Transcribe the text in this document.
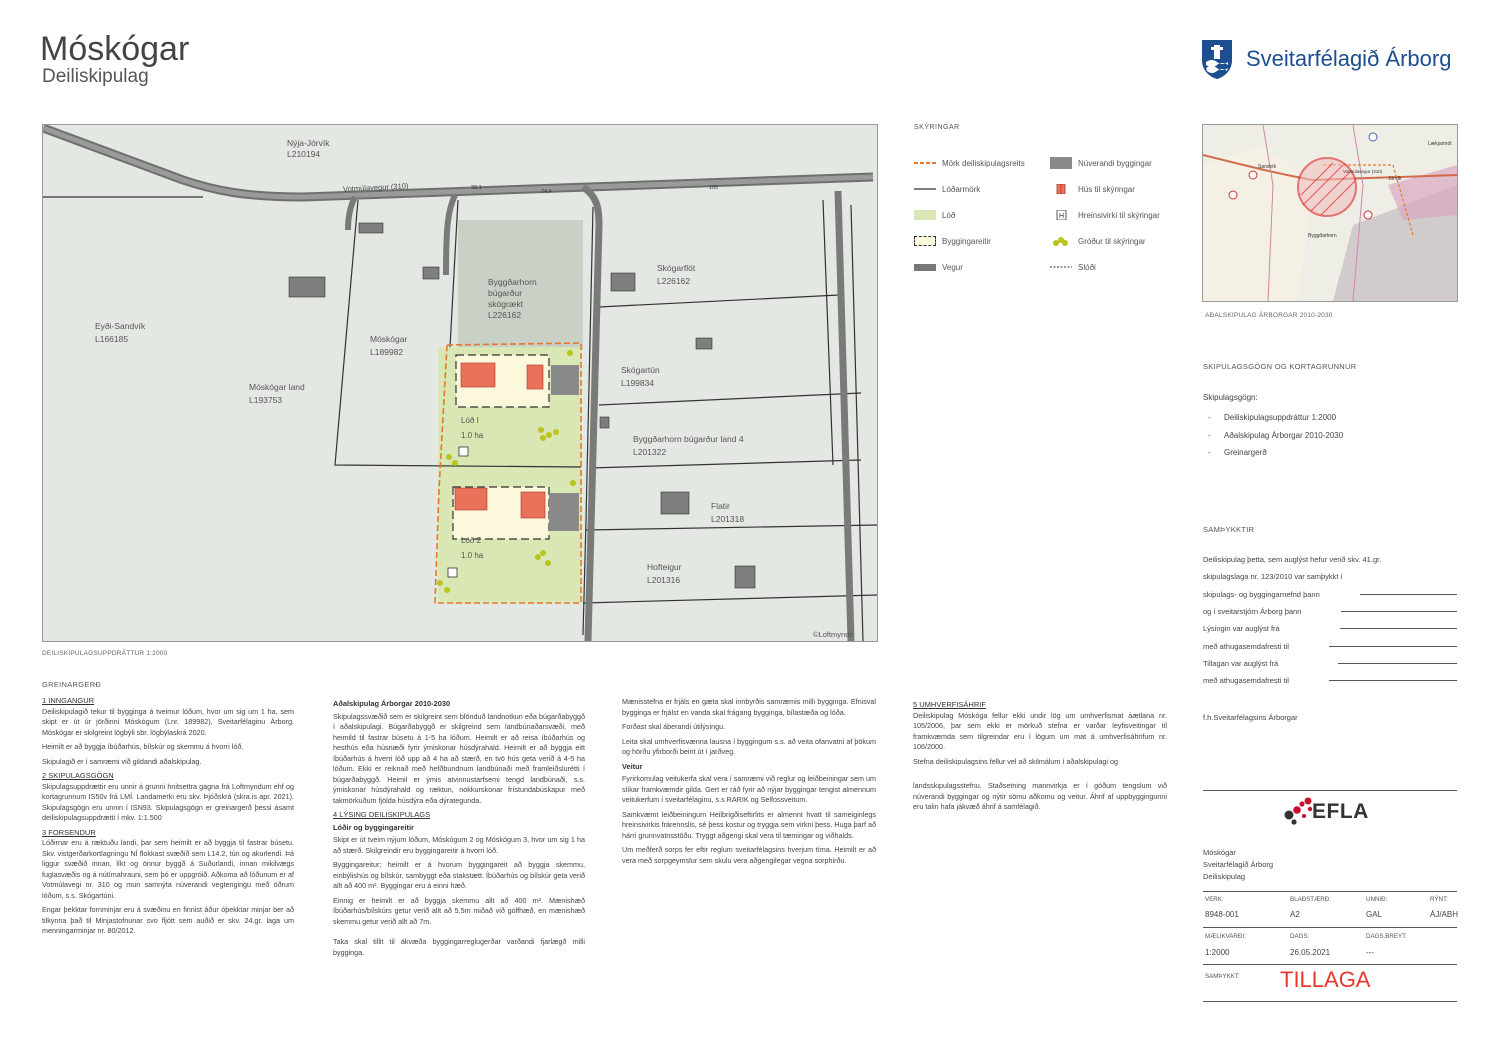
Móskógar
Deiliskipulag
Sveitarfélagið Árborg
Nýja-Jórvík
L210194
Votmúlavegur (310)	39,1
74,4
105
Eyði-Sandvík
L166185	Móskógar
L189982
Móskógar land
L193753
Byggðarhorn
búgarður
skógrækt
L226162
Skógarflöt
L226162
Skógartún
L199834
Byggðarhorn búgarður land 4
L201322
Flatir
L201318
Hofteigur
L201316
Lóð I
1.0 ha
Lóð 2
1.0 ha
©Loftmyndir
DEILISKIPULAGSUPPDRÁTTUR 1:2000
SKÝRINGAR
Mörk deiliskipulagsreits
Lóðarmörk
Lóð
Byggingareitir
Vegur
Núverandi byggingar
Hús til skýringar
H Hreinsivirki til skýringar
Gróður til skýringar
Slóði
Sandvík
Jórvík
Lækjarmót
Votmúlavegur (310)
Byggðarhorn
AÐALSKIPULAG ÁRBORGAR 2010-2030
SKIPULAGSGÖGN OG KORTAGRUNNUR
Skipulagsgögn:
-      Deiliskipulagsuppdráttur 1:2000
-      Aðalskipulag Árborgar 2010-2030
-      Greinargerð
SAMÞYKKTIR
Deiliskipulag þetta, sem auglýst hefur verið skv. 41.gr.
skipulagslaga nr. 123/2010 var samþykkt í
skipulags- og byggingarnefnd þann
og í sveitarstjórn Árborg þann
Lýsingin var auglýst frá
með athugasemdafresti til
Tillagan var auglýst frá
með athugasemdafresti til
f.h.Sveitarfélagsins Árborgar
EFLA
Móskógar
Sveitarfélagið Árborg
Deiliskipulag
VERK:	BLAÐSTÆRÐ:	UNNIÐ:	RÝNT:
8948-001	A2	GAL	ÁJ/ABH
MÆLIKVARÐI:	DAGS:	DAGS.BREYT:
1:2000	26.05.2021	---
SAMÞYKKT: TILLAGA
GREINARGERÐ
1 INNGANGUR

Deiliskipulagið tekur til bygginga á tveimur lóðum, hvor um sig um 1 ha, sem skipt er út úr jörðinni Móskógum (Lnr. 189982), Sveitarfélaginu Árborg. Móskógar er skilgreint lögbýli sbr. lögbýlaskrá 2020.

Heimilt er að byggja íbúðarhús, bílskúr og skemmu á hvorri lóð.

Skipulagið er í samræmi við gildandi aðalskipulag.

2 SKIPULAGSGÖGN

Skipulagsuppdrættir eru unnir á grunni hnitsettra gagna frá Loftmyndum ehf og kortagrunnum IS50v frá LMÍ. Landamerki eru skv. Þjóðskrá (skra.is apr. 2021). Skipulagsgögn eru unnin í ISN93. Skipulagsgögn er greinargerð þessi ásamt deiliskipulagsuppdrætti í mkv. 1:1.500

3 FORSENDUR

Lóðirnar eru á ræktuðu landi, þar sem heimilt er að byggja til fastrar búsetu. Skv. vistgerðarkortlagningu NÍ flokkast svæðið sem L14.2, tún og akurlendi. Þá liggur svæðið innan, líkt og önnur byggð á Suðurlandi, innan mikilvægs fuglasvæðis og á nútímahrauni, sem þó er uppgróið. Aðkoma að lóðunum er af Votmúlavegi nr. 310 og mun samnýta núverandi vegtengingu með öðrum lóðum, s.s. Skógartúni.

Engar þekktar fornminjar eru á svæðinu en finnist áður óþekktar minjar ber að tilkynna það til Minjastofnunar svo fljótt sem auðið er skv. 24.gr. laga um menningarminjar nr. 80/2012.

Aðalskipulag Árborgar 2010-2030

Skipulagssvæðið sem er skilgreint sem blönduð landnotkun eða búgarðabyggð í aðalskipulagi. Búgarðabyggð er skilgreind sem landbúnaðarsvæði, með heimild til fastrar búsetu á 1-5 ha lóðum. Heimilt er að reisa íbúðarhús og hesthús eða húsnæði fyrir ýmiskonar húsdýrahald. Heimilt er að byggja eitt íbúðarhús á hverri lóð upp að 4 ha að stærð, en tvö hús geta verið á 4-5 ha lóðum. Ekki er reiknað með hefðbundnum landbúnaði með framleiðslurétti í búgarðabyggð. Heimil er ýmis atvinnustarfsemi tengd landbúnaði, s.s. ýmiskonar húsdýrahald og ræktun, nokkurskonar frístundabúskapur með takmörkuðum fjölda húsdýra eða dýrategunda.

4 LÝSING DEILISKIPULAGS
Lóðir og byggingareitir

Skipt er út tveim nýjum lóðum, Móskógum 2 og Móskógum 3, hvor um sig 1 ha að stærð. Skilgreindir eru byggingareitir á hvorri lóð.

Byggingareitur; heimilt er á hvorum byggingareit að byggja skemmu, einbýlishús og bílskúr, sambyggt eða stakstætt. Íbúðarhús og bílskúr geta verið allt að 400 m². Byggingar eru á einni hæð.

Einnig er heimilt er að byggja skemmu allt að 400 m². Mænishæð íbúðarhús/bílskúrs getur verið allt að 5,5m miðað við gólfhæð, en mænishæð skemmu getur verið allt að 7m.

Taka skal tillit til ákvæða byggingarreglugerðar varðandi fjarlægð milli bygginga.

Mænisstefna er frjáls en gæta skal innbyrðis samræmis milli bygginga. Efnisval bygginga er frjálst en vanda skal frágang bygginga, bílastæða og lóða.

Forðast skal áberandi útilýsingu.

Leita skal umhverfisvænna lausna í byggingum s.s. að veita ofanvatni af þökum og hörðu yfirborði beint út í jarðveg.

Veitur

Fyrirkomulag veitukerfa skal vera í samræmi við reglur og leiðbeiningar sem um slíkar framkvæmdir gilda. Gert er ráð fyrir að nýjar byggingar tengist almennum veitukerfum í sveitarfélaginu, s.s RARIK og Selfossveitum.

Samkvæmt leiðbeiningum Heilbrigðiseftirlits er almennt hvatt til sameiginlegs hreinsivirkis frárennslis, sé þess kostur og tryggja sem virkni þess. Huga þarf að hárri grunnvatnsstöðu. Tryggt aðgengi skal vera til tæmingar og viðhalds.

Um meðferð sorps fer eftir reglum sveitarfélagsins hverjum tíma. Heimilt er að vera með sorpgeymslur sem skulu vera aðgengilegar vegna sorphirðu.

5 UMHVERFISÁHRIF

Deiliskipulag Móskóga fellur ekki undir lög um umhverfismat áætlana nr. 105/2006, þar sem ekki er mörkuð stefna er varðar leyfisveitingar til framkvæmda sem tilgreindar eru í lögum um mat á umhverfisáhrifum nr. 106/2000.

Stefna deiliskipulagsins fellur vel að skilmálum í aðalskipulagi og

landsskipulagsstefnu. Staðsetning mannvirkja er í góðum tengslum við núverandi byggingar og nýtir sömu aðkomu og veitur. Áhrif af uppbyggingunni eru talin hafa jákvæð áhrif á samfélagið.
